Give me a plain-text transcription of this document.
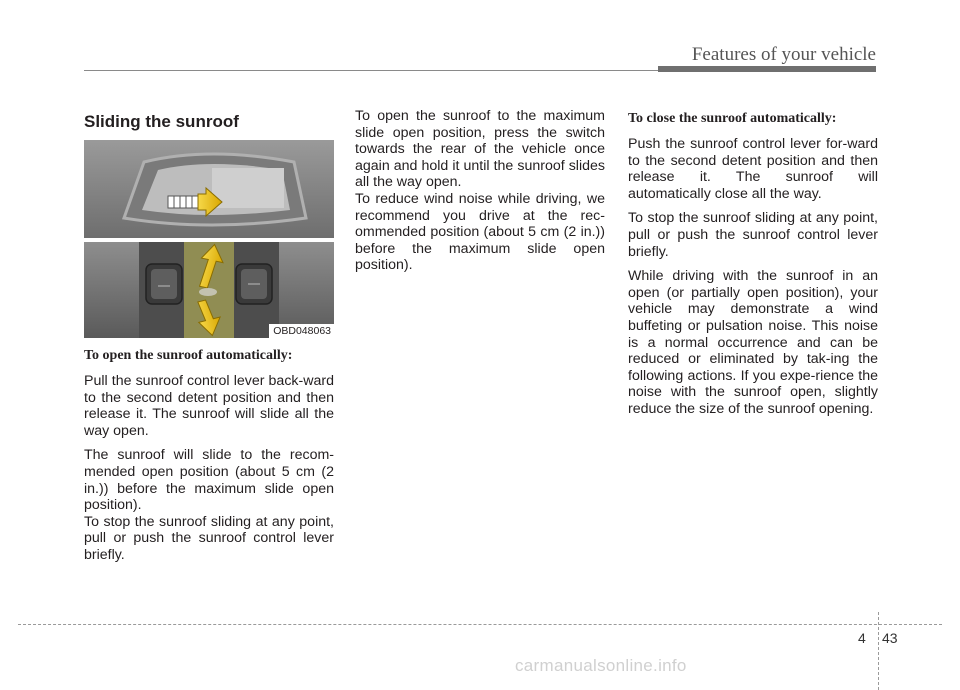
Features of your vehicle
Sliding the sunroof
OBD048063
To open the sunroof automatically:

Pull the sunroof control lever back-ward to the second detent position and then release it. The sunroof will slide all the way open.

The sunroof will slide to the recom-mended open position (about 5 cm (2 in.)) before the maximum slide open position).

To stop the sunroof sliding at any point, pull or push the sunroof control lever briefly.

To open the sunroof to the maximum slide open position, press the switch towards the rear of the vehicle once again and hold it until the sunroof slides all the way open.

To reduce wind noise while driving, we recommend you drive at the rec-ommended position (about 5 cm (2 in.)) before the maximum slide open position).

To close the sunroof automatically:

Push the sunroof control lever for-ward to the second detent position and then release it. The sunroof will automatically close all the way.

To stop the sunroof sliding at any point, pull or push the sunroof control lever briefly.

While driving with the sunroof in an open (or partially open position), your vehicle may demonstrate a wind buffeting or pulsation noise. This noise is a normal occurrence and can be reduced or eliminated by tak-ing the following actions. If you expe-rience the noise with the sunroof open, slightly reduce the size of the sunroof opening.

4 43
carmanualsonline.info
